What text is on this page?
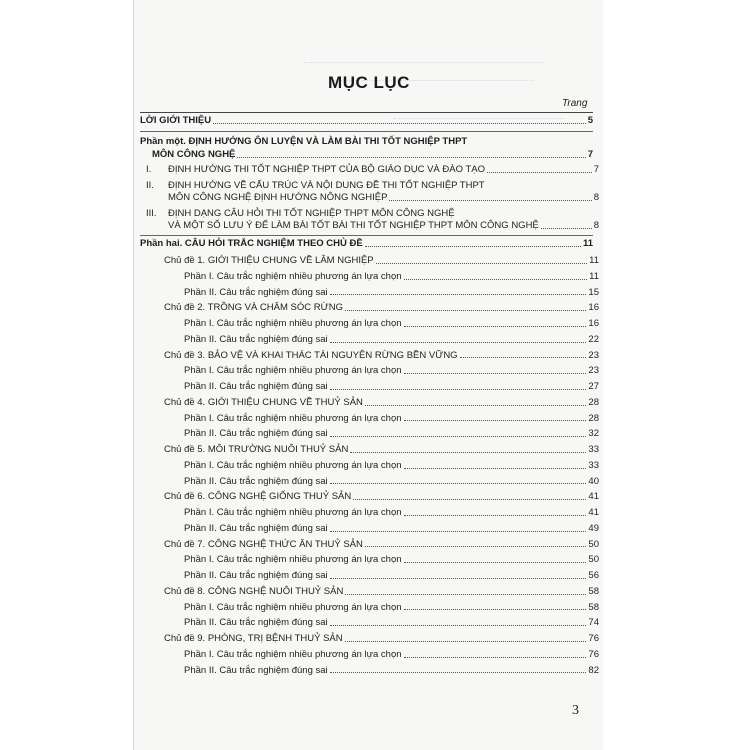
MỤC LỤC
Trang
LỜI GIỚI THIỆU	5
Phần một. ĐỊNH HƯỚNG ÔN LUYỆN VÀ LÀM BÀI THI TỐT NGHIỆP THPT
MÔN CÔNG NGHỆ	7
I.	ĐỊNH HƯỚNG THI TỐT NGHIỆP THPT CỦA BỘ GIÁO DỤC VÀ ĐÀO TẠO	7
II. ĐỊNH HƯỚNG VỀ CẤU TRÚC VÀ NỘI DUNG ĐỀ THI TỐT NGHIỆP THPT
MÔN CÔNG NGHỆ ĐỊNH HƯỚNG NÔNG NGHIỆP	8
III. ĐỊNH DẠNG CÂU HỎI THI TỐT NGHIỆP THPT MÔN CÔNG NGHỆ
VÀ MỘT SỐ LƯU Ý ĐỂ LÀM BÀI TỐT BÀI THI TỐT NGHIỆP THPT MÔN CÔNG NGHỆ	8
Phần hai. CÂU HỎI TRẮC NGHIỆM THEO CHỦ ĐỀ	11
Chủ đề 1. GIỚI THIỆU CHUNG VỀ LÂM NGHIỆP	11
Phần I. Câu trắc nghiệm nhiều phương án lựa chọn	11
Phần II. Câu trắc nghiệm đúng sai	15
Chủ đề 2. TRỒNG VÀ CHĂM SÓC RỪNG	16
Phần I. Câu trắc nghiệm nhiều phương án lựa chọn	16
Phần II. Câu trắc nghiệm đúng sai	22
Chủ đề 3. BẢO VỆ VÀ KHAI THÁC TÀI NGUYÊN RỪNG BỀN VỮNG	23
Phần I. Câu trắc nghiệm nhiều phương án lựa chọn	23
Phần II. Câu trắc nghiệm đúng sai	27
Chủ đề 4. GIỚI THIỆU CHUNG VỀ THUỶ SẢN	28
Phần I. Câu trắc nghiệm nhiều phương án lựa chọn	28
Phần II. Câu trắc nghiệm đúng sai	32
Chủ đề 5. MÔI TRƯỜNG NUÔI THUỶ SẢN	33
Phần I. Câu trắc nghiệm nhiều phương án lựa chọn	33
Phần II. Câu trắc nghiệm đúng sai	40
Chủ đề 6. CÔNG NGHỆ GIỐNG THUỶ SẢN	41
Phần I. Câu trắc nghiệm nhiều phương án lựa chọn	41
Phần II. Câu trắc nghiệm đúng sai	49
Chủ đề 7. CÔNG NGHỆ THỨC ĂN THUỶ SẢN	50
Phần I. Câu trắc nghiệm nhiều phương án lựa chọn	50
Phần II. Câu trắc nghiệm đúng sai	56
Chủ đề 8. CÔNG NGHỆ NUÔI THUỶ SẢN	58
Phần I. Câu trắc nghiệm nhiều phương án lựa chọn	58
Phần II. Câu trắc nghiệm đúng sai	74
Chủ đề 9. PHÒNG, TRỊ BỆNH THUỶ SẢN	76
Phần I. Câu trắc nghiệm nhiều phương án lựa chọn	76
Phần II. Câu trắc nghiệm đúng sai	82
3
